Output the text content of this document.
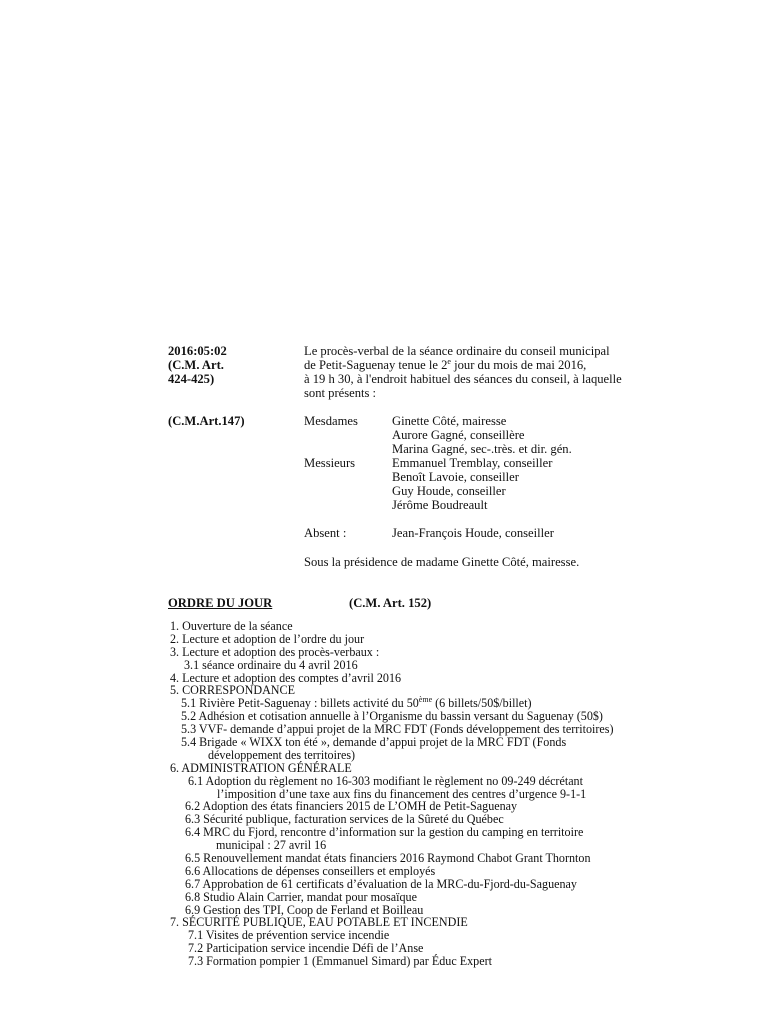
2016:05:02
(C.M. Art.
424-425)
Le procès-verbal de la séance ordinaire du conseil municipal
de Petit-Saguenay tenue le 2e jour du mois de mai 2016,
à 19 h 30, à l'endroit habituel des séances du conseil, à laquelle
sont présents :
(C.M.Art.147)	Mesdames	Ginette Côté, mairesse
Aurore Gagné, conseillère
Marina Gagné, sec-.très. et dir. gén.
Messieurs	Emmanuel Tremblay, conseiller
Benoît Lavoie, conseiller
Guy Houde, conseiller
Jérôme Boudreault
Absent :	Jean-François Houde, conseiller
Sous la présidence de madame Ginette Côté, mairesse.
ORDRE DU JOUR	(C.M. Art. 152)
1. Ouverture de la séance
2. Lecture et adoption de l’ordre du jour
3. Lecture et adoption des procès-verbaux :
3.1 séance ordinaire du 4 avril 2016
4. Lecture et adoption des comptes d’avril 2016
5. CORRESPONDANCE
5.1 Rivière Petit-Saguenay : billets activité du 50ème (6 billets/50$/billet)
5.2 Adhésion et cotisation annuelle à l’Organisme du bassin versant du Saguenay (50$)
5.3 VVF- demande d’appui projet de la MRC FDT (Fonds développement des territoires)
5.4 Brigade « WIXX ton été », demande d’appui projet de la MRC FDT (Fonds
développement des territoires)
6. ADMINISTRATION GÉNÉRALE
6.1 Adoption du règlement no 16-303 modifiant le règlement no 09-249 décrétant
l’imposition d’une taxe aux fins du financement des centres d’urgence 9-1-1
6.2 Adoption des états financiers 2015 de L’OMH de Petit-Saguenay
6.3 Sécurité publique, facturation services de la Sûreté du Québec
6.4 MRC du Fjord, rencontre d’information sur la gestion du camping en territoire
municipal : 27 avril 16
6.5 Renouvellement mandat états financiers 2016 Raymond Chabot Grant Thornton
6.6 Allocations de dépenses conseillers et employés
6.7 Approbation de 61 certificats d’évaluation de la MRC-du-Fjord-du-Saguenay
6.8 Studio Alain Carrier, mandat pour mosaïque
6.9 Gestion des TPI, Coop de Ferland et Boilleau
7. SÉCURITÉ PUBLIQUE, EAU POTABLE ET INCENDIE
7.1 Visites de prévention service incendie
7.2 Participation service incendie Défi de l’Anse
7.3 Formation pompier 1 (Emmanuel Simard) par Éduc Expert
